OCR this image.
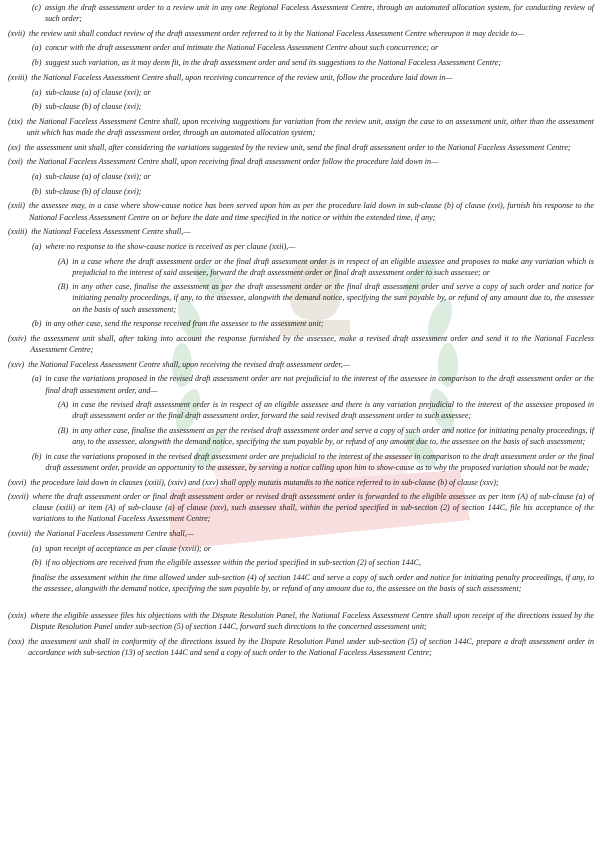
(c) assign the draft assessment order to a review unit in any one Regional Faceless Assessment Centre, through an automated allocation system, for conducting review of such order;
(xvii) the review unit shall conduct review of the draft assessment order referred to it by the National Faceless Assessment Centre whereupon it may decide to—
(a) concur with the draft assessment order and intimate the National Faceless Assessment Centre about such concurrence; or
(b) suggest such variation, as it may deem fit, in the draft assessment order and send its suggestions to the National Faceless Assessment Centre;
(xviii) the National Faceless Assessment Centre shall, upon receiving concurrence of the review unit, follow the procedure laid down in—
(a) sub-clause (a) of clause (xvi); or
(b) sub-clause (b) of clause (xvi);
(xix) the National Faceless Assessment Centre shall, upon receiving suggestions for variation from the review unit, assign the case to an assessment unit, other than the assessment unit which has made the draft assessment order, through an automated allocation system;
(xx) the assessment unit shall, after considering the variations suggested by the review unit, send the final draft assessment order to the National Faceless Assessment Centre;
(xxi) the National Faceless Assessment Centre shall, upon receiving final draft assessment order follow the procedure laid down in—
(a) sub-clause (a) of clause (xvi); or
(b) sub-clause (b) of clause (xvi);
(xxii) the assessee may, in a case where show-cause notice has been served upon him as per the procedure laid down in sub-clause (b) of clause (xvi), furnish his response to the National Faceless Assessment Centre on or before the date and time specified in the notice or within the extended time, if any;
(xxiii) the National Faceless Assessment Centre shall,—
(a) where no response to the show-cause notice is received as per clause (xxii),—
(A) in a case where the draft assessment order or the final draft assessment order is in respect of an eligible assessee and proposes to make any variation which is prejudicial to the interest of said assessee, forward the draft assessment order or final draft assessment order to such assessee; or
(B) in any other case, finalise the assessment as per the draft assessment order or the final draft assessment order and serve a copy of such order and notice for initiating penalty proceedings, if any, to the assessee, alongwith the demand notice, specifying the sum payable by, or refund of any amount due to, the assessee on the basis of such assessment;
(b) in any other case, send the response received from the assessee to the assessment unit;
(xxiv) the assessment unit shall, after taking into account the response furnished by the assessee, make a revised draft assessment order and send it to the National Faceless Assessment Centre;
(xxv) the National Faceless Assessment Centre shall, upon receiving the revised draft assessment order,—
(a) in case the variations proposed in the revised draft assessment order are not prejudicial to the interest of the assessee in comparison to the draft assessment order or the final draft assessment order, and—
(A) in case the revised draft assessment order is in respect of an eligible assessee and there is any variation prejudicial to the interest of the assessee proposed in draft assessment order or the final draft assessment order, forward the said revised draft assessment order to such assessee;
(B) in any other case, finalise the assessment as per the revised draft assessment order and serve a copy of such order and notice for initiating penalty proceedings, if any, to the assessee, alongwith the demand notice, specifying the sum payable by, or refund of any amount due to, the assessee on the basis of such assessment;
(b) in case the variations proposed in the revised draft assessment order are prejudicial to the interest of the assessee in comparison to the draft assessment order or the final draft assessment order, provide an opportunity to the assessee, by serving a notice calling upon him to show-cause as to why the proposed variation should not be made;
(xxvi) the procedure laid down in clauses (xxiii), (xxiv) and (xxv) shall apply mutatis mutandis to the notice referred to in sub-clause (b) of clause (xxv);
(xxvii) where the draft assessment order or final draft assessment order or revised draft assessment order is forwarded to the eligible assessee as per item (A) of sub-clause (a) of clause (xxiii) or item (A) of sub-clause (a) of clause (xxv), such assessee shall, within the period specified in sub-section (2) of section 144C, file his acceptance of the variations to the National Faceless Assessment Centre;
(xxviii) the National Faceless Assessment Centre shall,—
(a) upon receipt of acceptance as per clause (xxvii); or
(b) if no objections are received from the eligible assessee within the period specified in sub-section (2) of section 144C,
finalise the assessment within the time allowed under sub-section (4) of section 144C and serve a copy of such order and notice for initiating penalty proceedings, if any, to the assessee, alongwith the demand notice, specifying the sum payable by, or refund of any amount due to, the assessee on the basis of such assessment;
(xxix) where the eligible assessee files his objections with the Dispute Resolution Panel, the National Faceless Assessment Centre shall upon receipt of the directions issued by the Dispute Resolution Panel under sub-section (5) of section 144C, forward such directions to the concerned assessment unit;
(xxx) the assessment unit shall in conformity of the directions issued by the Dispute Resolution Panel under sub-section (5) of section 144C, prepare a draft assessment order in accordance with sub-section (13) of section 144C and send a copy of such order to the National Faceless Assessment Centre;
